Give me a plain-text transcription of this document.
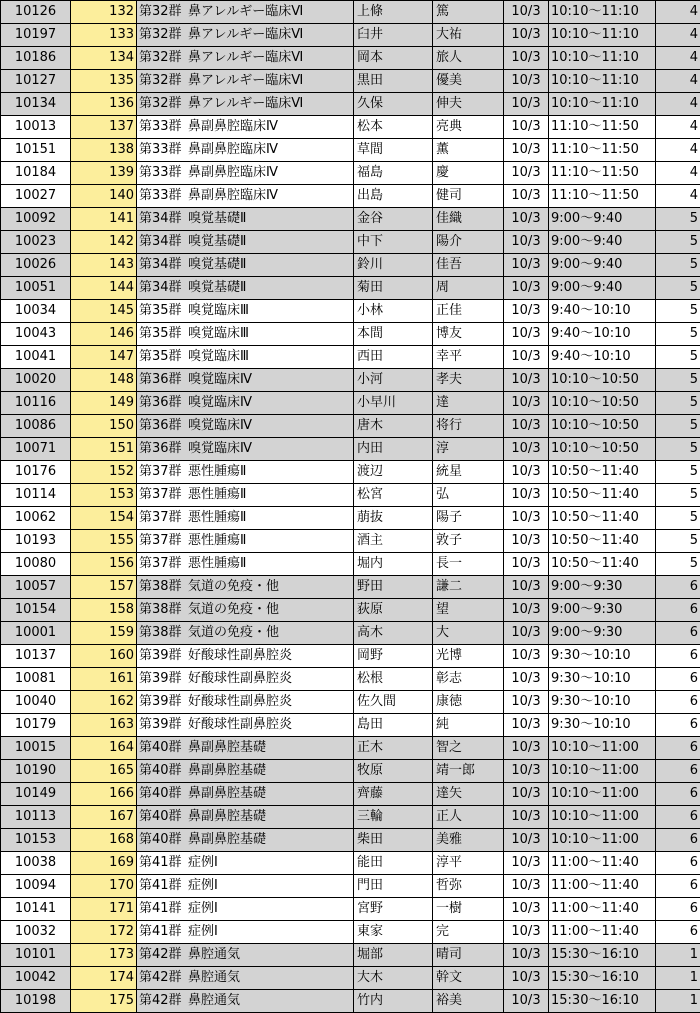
10126	132	第32群  鼻アレルギー臨床Ⅵ	上條	篤	10/3	10:10～11:10	4
10197	133	第32群  鼻アレルギー臨床Ⅵ	臼井	大祐	10/3	10:10～11:10	4
10186	134	第32群  鼻アレルギー臨床Ⅵ	岡本	旅人	10/3	10:10～11:10	4
10127	135	第32群  鼻アレルギー臨床Ⅵ	黒田	優美	10/3	10:10～11:10	4
10134	136	第32群  鼻アレルギー臨床Ⅵ	久保	伸夫	10/3	10:10～11:10	4
10013	137	第33群  鼻副鼻腔臨床Ⅳ	松本	亮典	10/3	11:10～11:50	4
10151	138	第33群  鼻副鼻腔臨床Ⅳ	草間	薫	10/3	11:10～11:50	4
10184	139	第33群  鼻副鼻腔臨床Ⅳ	福島	慶	10/3	11:10～11:50	4
10027	140	第33群  鼻副鼻腔臨床Ⅳ	出島	健司	10/3	11:10～11:50	4
10092	141	第34群  嗅覚基礎Ⅱ	金谷	佳織	10/3	9:00～9:40	5
10023	142	第34群  嗅覚基礎Ⅱ	中下	陽介	10/3	9:00～9:40	5
10026	143	第34群  嗅覚基礎Ⅱ	鈴川	佳吾	10/3	9:00～9:40	5
10051	144	第34群  嗅覚基礎Ⅱ	菊田	周	10/3	9:00～9:40	5
10034	145	第35群  嗅覚臨床Ⅲ	小林	正佳	10/3	9:40～10:10	5
10043	146	第35群  嗅覚臨床Ⅲ	本間	博友	10/3	9:40～10:10	5
10041	147	第35群  嗅覚臨床Ⅲ	西田	幸平	10/3	9:40～10:10	5
10020	148	第36群  嗅覚臨床Ⅳ	小河	孝夫	10/3	10:10～10:50	5
10116	149	第36群  嗅覚臨床Ⅳ	小早川	達	10/3	10:10～10:50	5
10086	150	第36群  嗅覚臨床Ⅳ	唐木	将行	10/3	10:10～10:50	5
10071	151	第36群  嗅覚臨床Ⅳ	内田	淳	10/3	10:10～10:50	5
10176	152	第37群  悪性腫瘍Ⅱ	渡辺	統星	10/3	10:50～11:40	5
10114	153	第37群  悪性腫瘍Ⅱ	松宮	弘	10/3	10:50～11:40	5
10062	154	第37群  悪性腫瘍Ⅱ	萠抜	陽子	10/3	10:50～11:40	5
10193	155	第37群  悪性腫瘍Ⅱ	酒主	敦子	10/3	10:50～11:40	5
10080	156	第37群  悪性腫瘍Ⅱ	堀内	長一	10/3	10:50～11:40	5
10057	157	第38群  気道の免疫・他	野田	謙二	10/3	9:00～9:30	6
10154	158	第38群  気道の免疫・他	荻原	望	10/3	9:00～9:30	6
10001	159	第38群  気道の免疫・他	高木	大	10/3	9:00～9:30	6
10137	160	第39群  好酸球性副鼻腔炎	岡野	光博	10/3	9:30～10:10	6
10081	161	第39群  好酸球性副鼻腔炎	松根	彰志	10/3	9:30～10:10	6
10040	162	第39群  好酸球性副鼻腔炎	佐久間	康徳	10/3	9:30～10:10	6
10179	163	第39群  好酸球性副鼻腔炎	島田	純	10/3	9:30～10:10	6
10015	164	第40群  鼻副鼻腔基礎	正木	智之	10/3	10:10～11:00	6
10190	165	第40群  鼻副鼻腔基礎	牧原	靖一郎	10/3	10:10～11:00	6
10149	166	第40群  鼻副鼻腔基礎	齊藤	達矢	10/3	10:10～11:00	6
10113	167	第40群  鼻副鼻腔基礎	三輪	正人	10/3	10:10～11:00	6
10153	168	第40群  鼻副鼻腔基礎	柴田	美雅	10/3	10:10～11:00	6
10038	169	第41群  症例Ⅰ	能田	淳平	10/3	11:00～11:40	6
10094	170	第41群  症例Ⅰ	門田	哲弥	10/3	11:00～11:40	6
10141	171	第41群  症例Ⅰ	宮野	一樹	10/3	11:00～11:40	6
10032	172	第41群  症例Ⅰ	東家	完	10/3	11:00～11:40	6
10101	173	第42群  鼻腔通気	堀部	晴司	10/3	15:30～16:10	1
10042	174	第42群  鼻腔通気	大木	幹文	10/3	15:30～16:10	1
10198	175	第42群  鼻腔通気	竹内	裕美	10/3	15:30～16:10	1
